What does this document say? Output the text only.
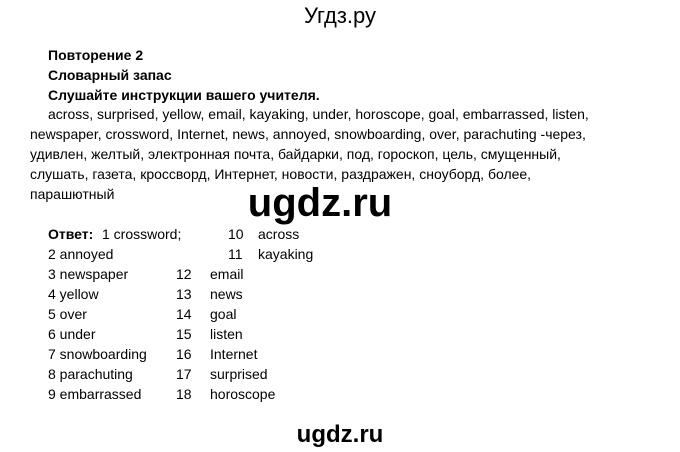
Угдз.ру
Повторение 2
Словарный запас
Слушайте инструкции вашего учителя.
across, surprised, yellow, email, kayaking, under, horoscope, goal, embarrassed, listen,
newspaper, crossword, Internet, news, annoyed, snowboarding, over, parachuting -через,
удивлен, желтый, электронная почта, байдарки, под, гороскоп, цель, смущенный,
слушать, газета, кроссворд, Интернет, новости, раздражен, сноуборд, более,
парашютный	ugdz.ru
Ответ: 1 crossword;	10 across
2 annoyed	11 kayaking
3 newspaper	12 email
4 yellow	13 news
5 over	14 goal
6 under	15 listen
7 snowboarding 16 Internet
8 parachuting	17 surprised
9 embarrassed 18 horoscope
ugdz.ru
